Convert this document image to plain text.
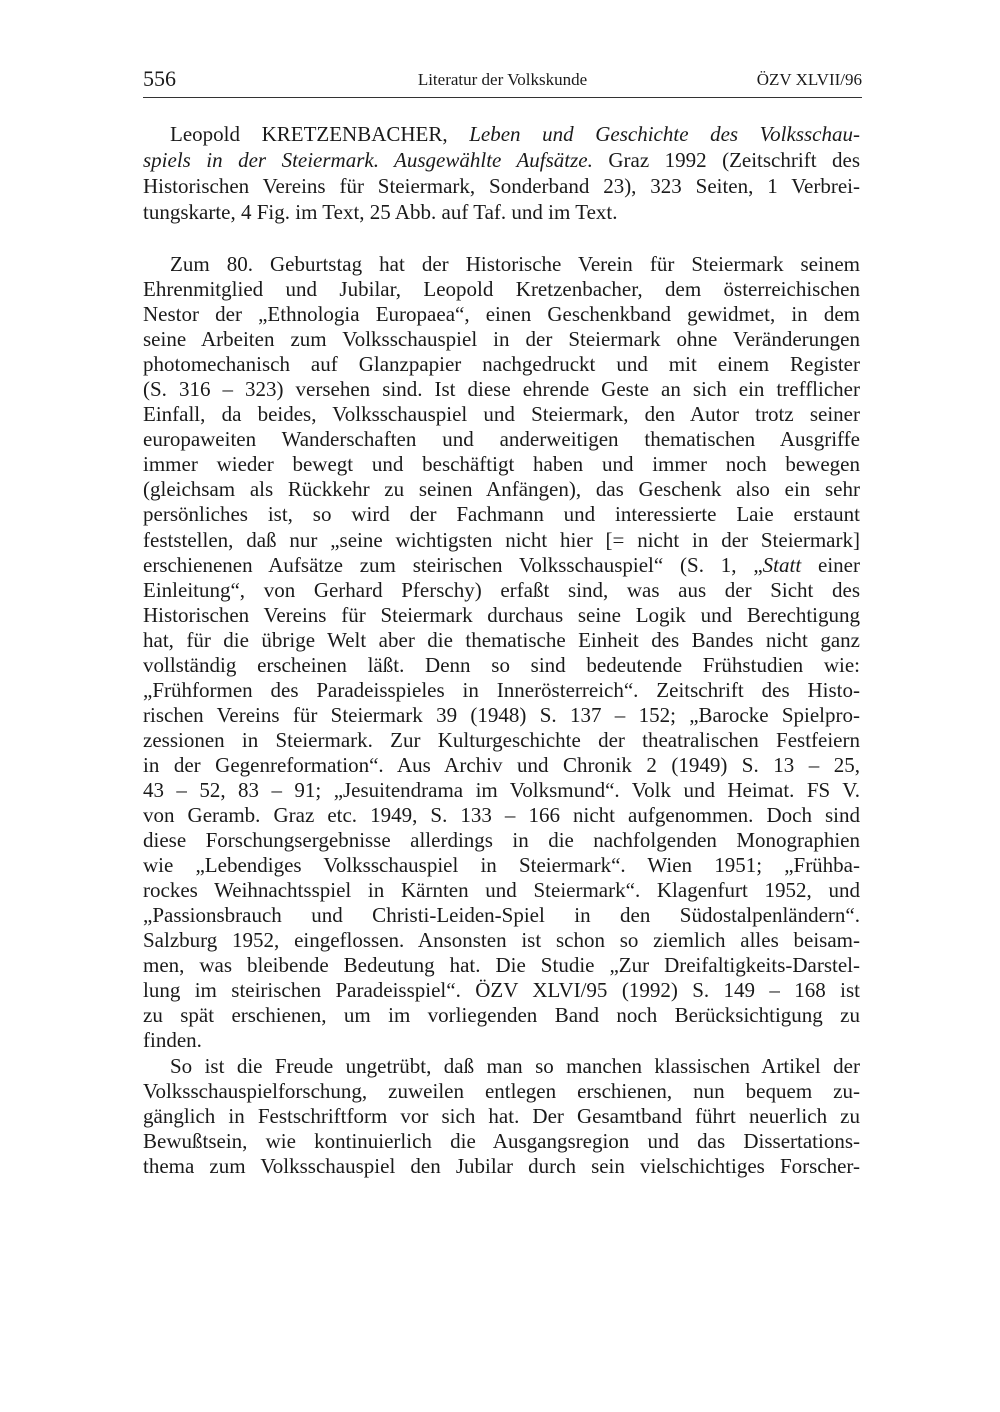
556	Literatur der Volkskunde	ÖZV XLVII/96
Leopold KRETZENBACHER, Leben und Geschichte des Volksschau-
spiels in der Steiermark. Ausgewählte Aufsätze. Graz 1992 (Zeitschrift des
Historischen Vereins für Steiermark, Sonderband 23), 323 Seiten, 1 Verbrei-
tungskarte, 4 Fig. im Text, 25 Abb. auf Taf. und im Text.
Zum 80. Geburtstag hat der Historische Verein für Steiermark seinem
Ehrenmitglied und Jubilar, Leopold Kretzenbacher, dem österreichischen
Nestor der „Ethnologia Europaea“, einen Geschenkband gewidmet, in dem
seine Arbeiten zum Volksschauspiel in der Steiermark ohne Veränderungen
photomechanisch auf Glanzpapier nachgedruckt und mit einem Register
(S. 316 – 323) versehen sind. Ist diese ehrende Geste an sich ein trefflicher
Einfall, da beides, Volksschauspiel und Steiermark, den Autor trotz seiner
europaweiten Wanderschaften und anderweitigen thematischen Ausgriffe
immer wieder bewegt und beschäftigt haben und immer noch bewegen
(gleichsam als Rückkehr zu seinen Anfängen), das Geschenk also ein sehr
persönliches ist, so wird der Fachmann und interessierte Laie erstaunt
feststellen, daß nur „seine wichtigsten nicht hier [= nicht in der Steiermark]
erschienenen Aufsätze zum steirischen Volksschauspiel“ (S. 1, „Statt einer
Einleitung“, von Gerhard Pferschy) erfaßt sind, was aus der Sicht des
Historischen Vereins für Steiermark durchaus seine Logik und Berechtigung
hat, für die übrige Welt aber die thematische Einheit des Bandes nicht ganz
vollständig erscheinen läßt. Denn so sind bedeutende Frühstudien wie:
„Frühformen des Paradeisspieles in Innerösterreich“. Zeitschrift des Histo-
rischen Vereins für Steiermark 39 (1948) S. 137 – 152; „Barocke Spielpro-
zessionen in Steiermark. Zur Kulturgeschichte der theatralischen Festfeiern
in der Gegenreformation“. Aus Archiv und Chronik 2 (1949) S. 13 – 25,
43 – 52, 83 – 91; „Jesuitendrama im Volksmund“. Volk und Heimat. FS V.
von Geramb. Graz etc. 1949, S. 133 – 166 nicht aufgenommen. Doch sind
diese Forschungsergebnisse allerdings in die nachfolgenden Monographien
wie „Lebendiges Volksschauspiel in Steiermark“. Wien 1951; „Frühba-
rockes Weihnachtsspiel in Kärnten und Steiermark“. Klagenfurt 1952, und
„Passionsbrauch und Christi-Leiden-Spiel in den Südostalpenländern“.
Salzburg 1952, eingeflossen. Ansonsten ist schon so ziemlich alles beisam-
men, was bleibende Bedeutung hat. Die Studie „Zur Dreifaltigkeits-Darstel-
lung im steirischen Paradeisspiel“. ÖZV XLVI/95 (1992) S. 149 – 168 ist
zu spät erschienen, um im vorliegenden Band noch Berücksichtigung zu
finden.
So ist die Freude ungetrübt, daß man so manchen klassischen Artikel der
Volksschauspielforschung, zuweilen entlegen erschienen, nun bequem zu-
gänglich in Festschriftform vor sich hat. Der Gesamtband führt neuerlich zu
Bewußtsein, wie kontinuierlich die Ausgangsregion und das Dissertations-
thema zum Volksschauspiel den Jubilar durch sein vielschichtiges Forscher-
